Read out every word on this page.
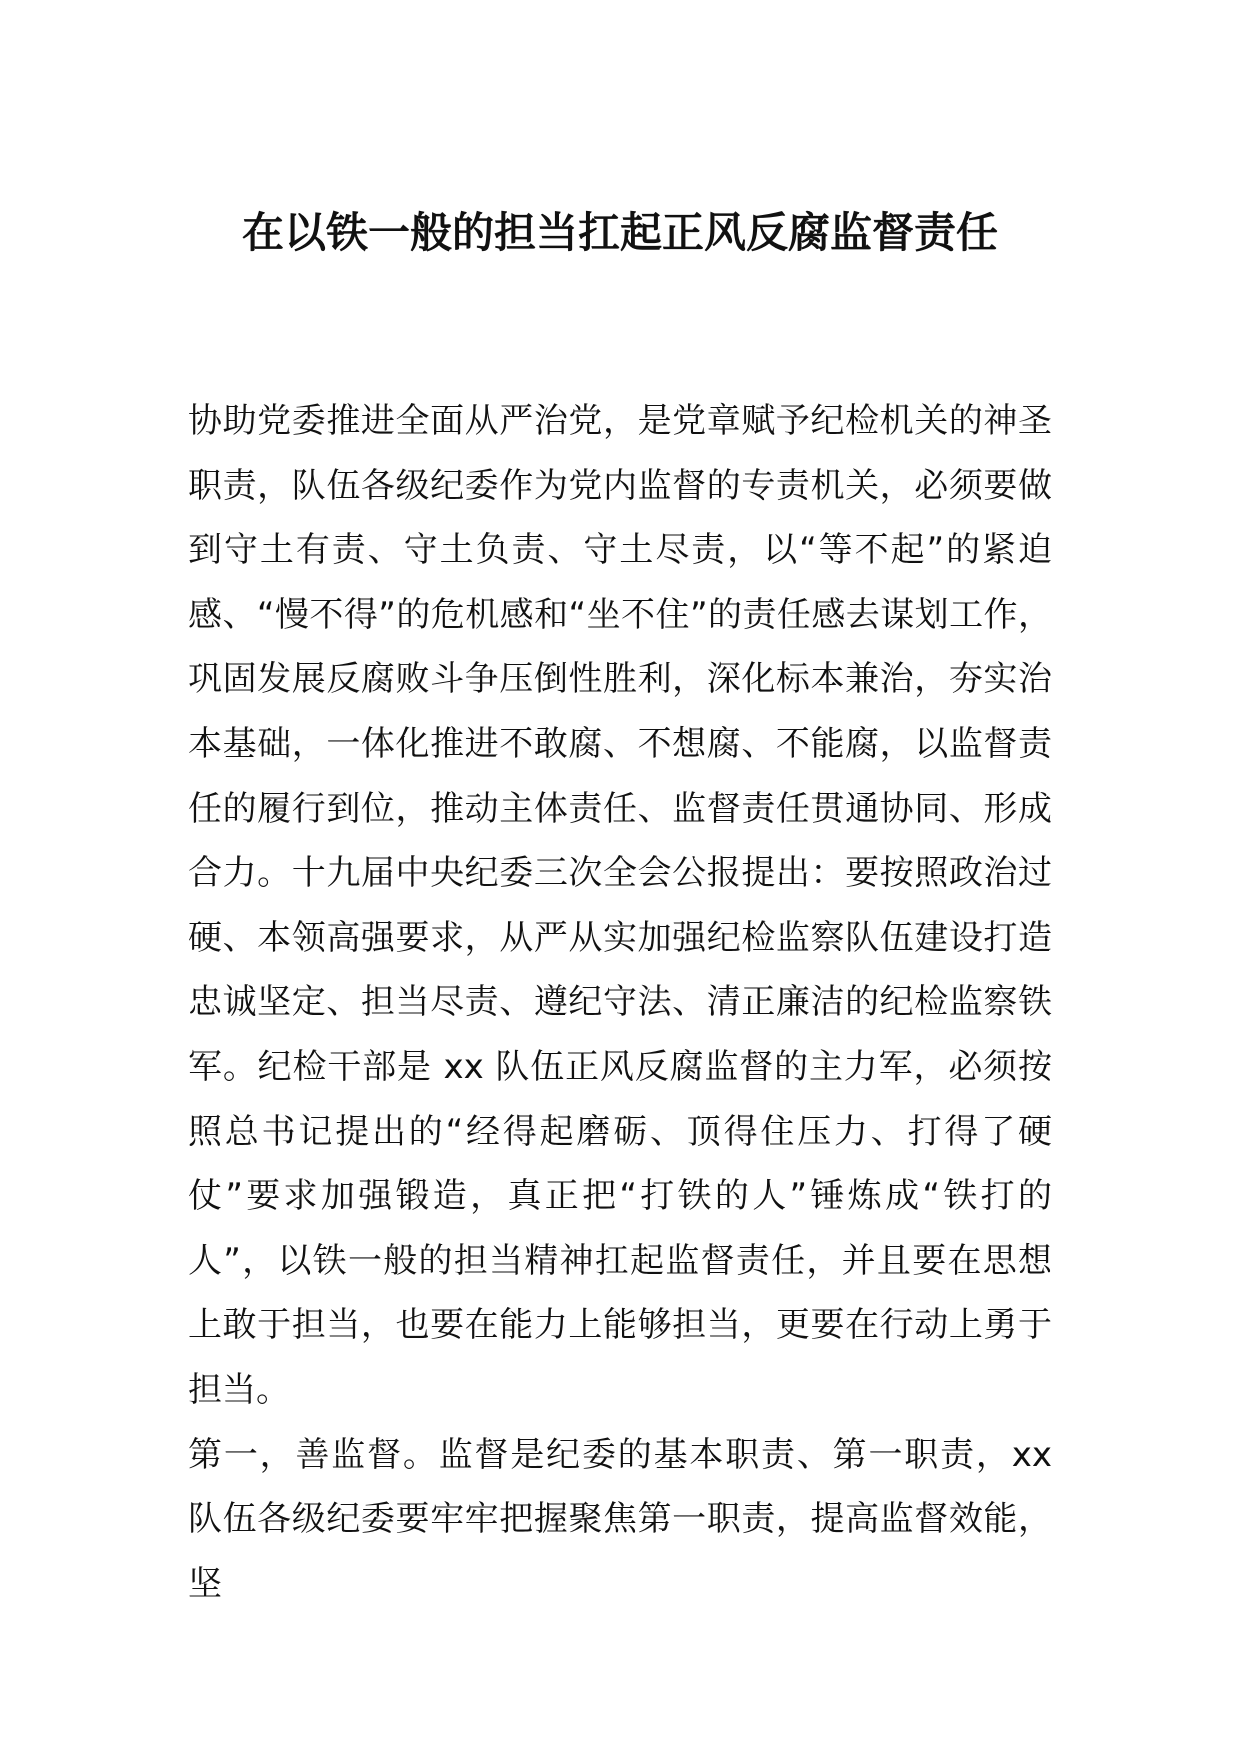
在以铁一般的担当扛起正风反腐监督责任

协助党委推进全面从严治党，是党章赋予纪检机关的神圣职责，队伍各级纪委作为党内监督的专责机关，必须要做到守土有责、守土负责、守土尽责，以“等不起”的紧迫感、“慢不得”的危机感和“坐不住”的责任感去谋划工作，巩固发展反腐败斗争压倒性胜利，深化标本兼治，夯实治本基础，一体化推进不敢腐、不想腐、不能腐，以监督责任的履行到位，推动主体责任、监督责任贯通协同、形成合力。十九届中央纪委三次全会公报提出：要按照政治过硬、本领高强要求，从严从实加强纪检监察队伍建设打造忠诚坚定、担当尽责、遵纪守法、清正廉洁的纪检监察铁军。纪检干部是 xx 队伍正风反腐监督的主力军，必须按照总书记提出的“经得起磨砺、顶得住压力、打得了硬仗”要求加强锻造，真正把“打铁的人”锤炼成“铁打的人”，以铁一般的担当精神扛起监督责任，并且要在思想上敢于担当，也要在能力上能够担当，更要在行动上勇于担当。

第一，善监督。监督是纪委的基本职责、第一职责，xx 队伍各级纪委要牢牢把握聚焦第一职责，提高监督效能，坚
